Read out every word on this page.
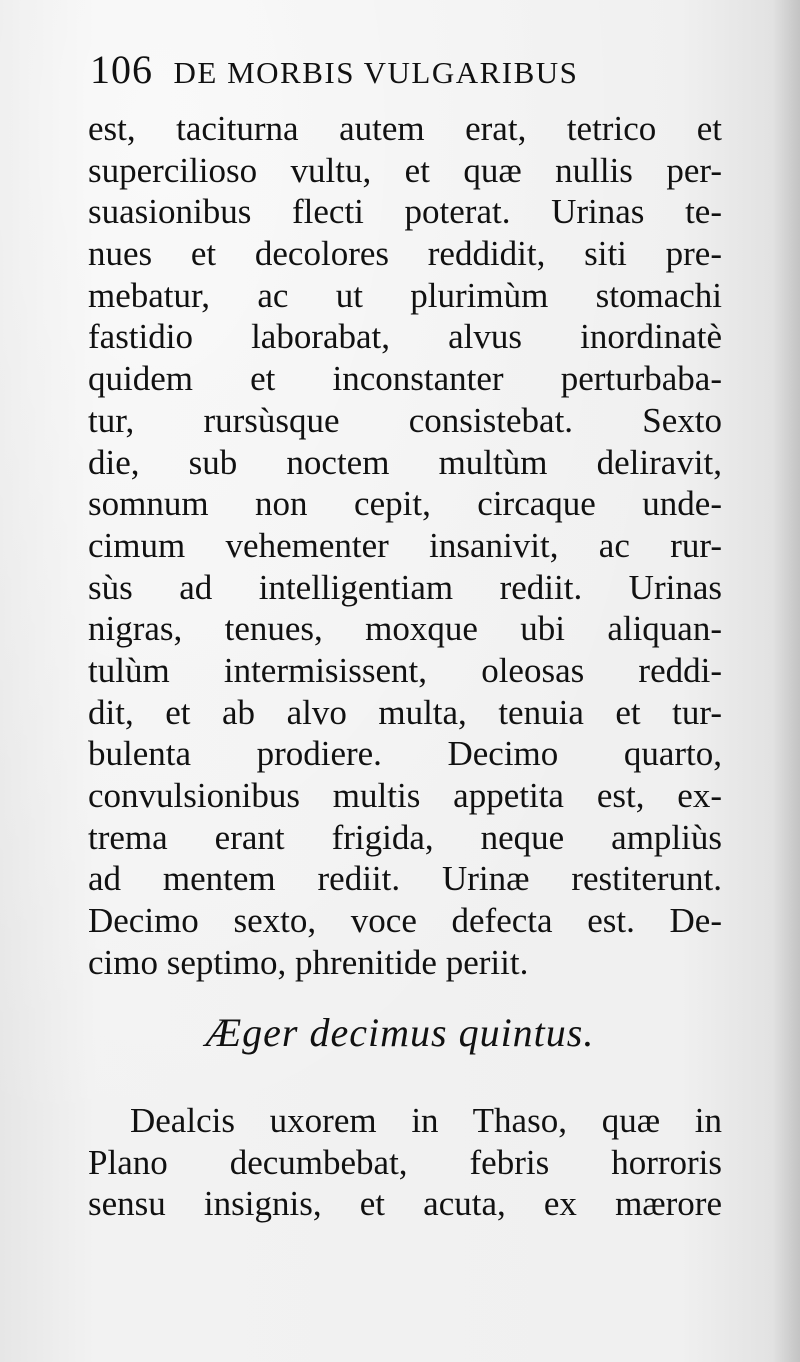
106 DE MORBIS VULGARIBUS
est, taciturna autem erat, tetrico et
supercilioso vultu, et quæ nullis per-
suasionibus flecti poterat. Urinas te-
nues et decolores reddidit, siti pre-
mebatur, ac ut plurimùm stomachi
fastidio laborabat, alvus inordinatè
quidem et inconstanter perturbaba-
tur, rursùsque consistebat. Sexto
die, sub noctem multùm deliravit,
somnum non cepit, circaque unde-
cimum vehementer insanivit, ac rur-
sùs ad intelligentiam rediit. Urinas
nigras, tenues, moxque ubi aliquan-
tulùm intermisissent, oleosas reddi-
dit, et ab alvo multa, tenuia et tur-
bulenta prodiere. Decimo quarto,
convulsionibus multis appetita est, ex-
trema erant frigida, neque ampliùs
ad mentem rediit. Urinæ restiterunt.
Decimo sexto, voce defecta est. De-
cimo septimo, phrenitide periit.
Æger decimus quintus.
Dealcis uxorem in Thaso, quæ in
Plano decumbebat, febris horroris
sensu insignis, et acuta, ex mærore
